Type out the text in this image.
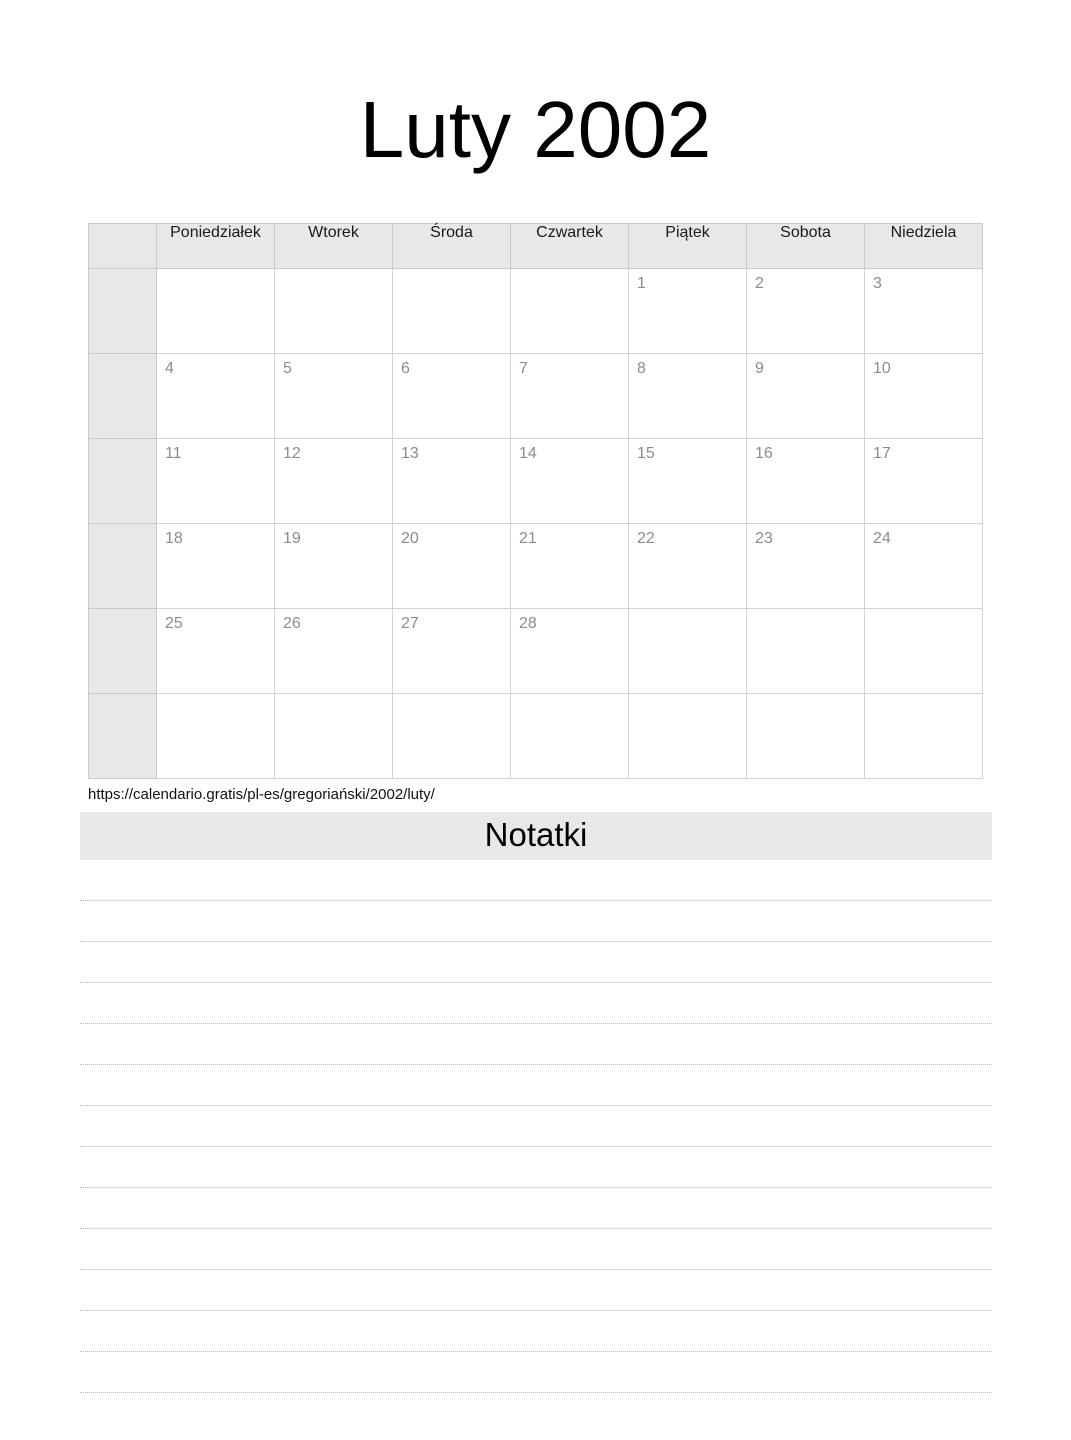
Luty 2002
	Poniedziałek	Wtorek	Środa	Czwartek	Piątek	Sobota	Niedziela

					1	2	3

	4	5	6	7	8	9	10

	11	12	13	14	15	16	17

	18	19	20	21	22	23	24

	25	26	27	28			

https://calendario.gratis/pl-es/gregoriański/2002/luty/
Notatki
